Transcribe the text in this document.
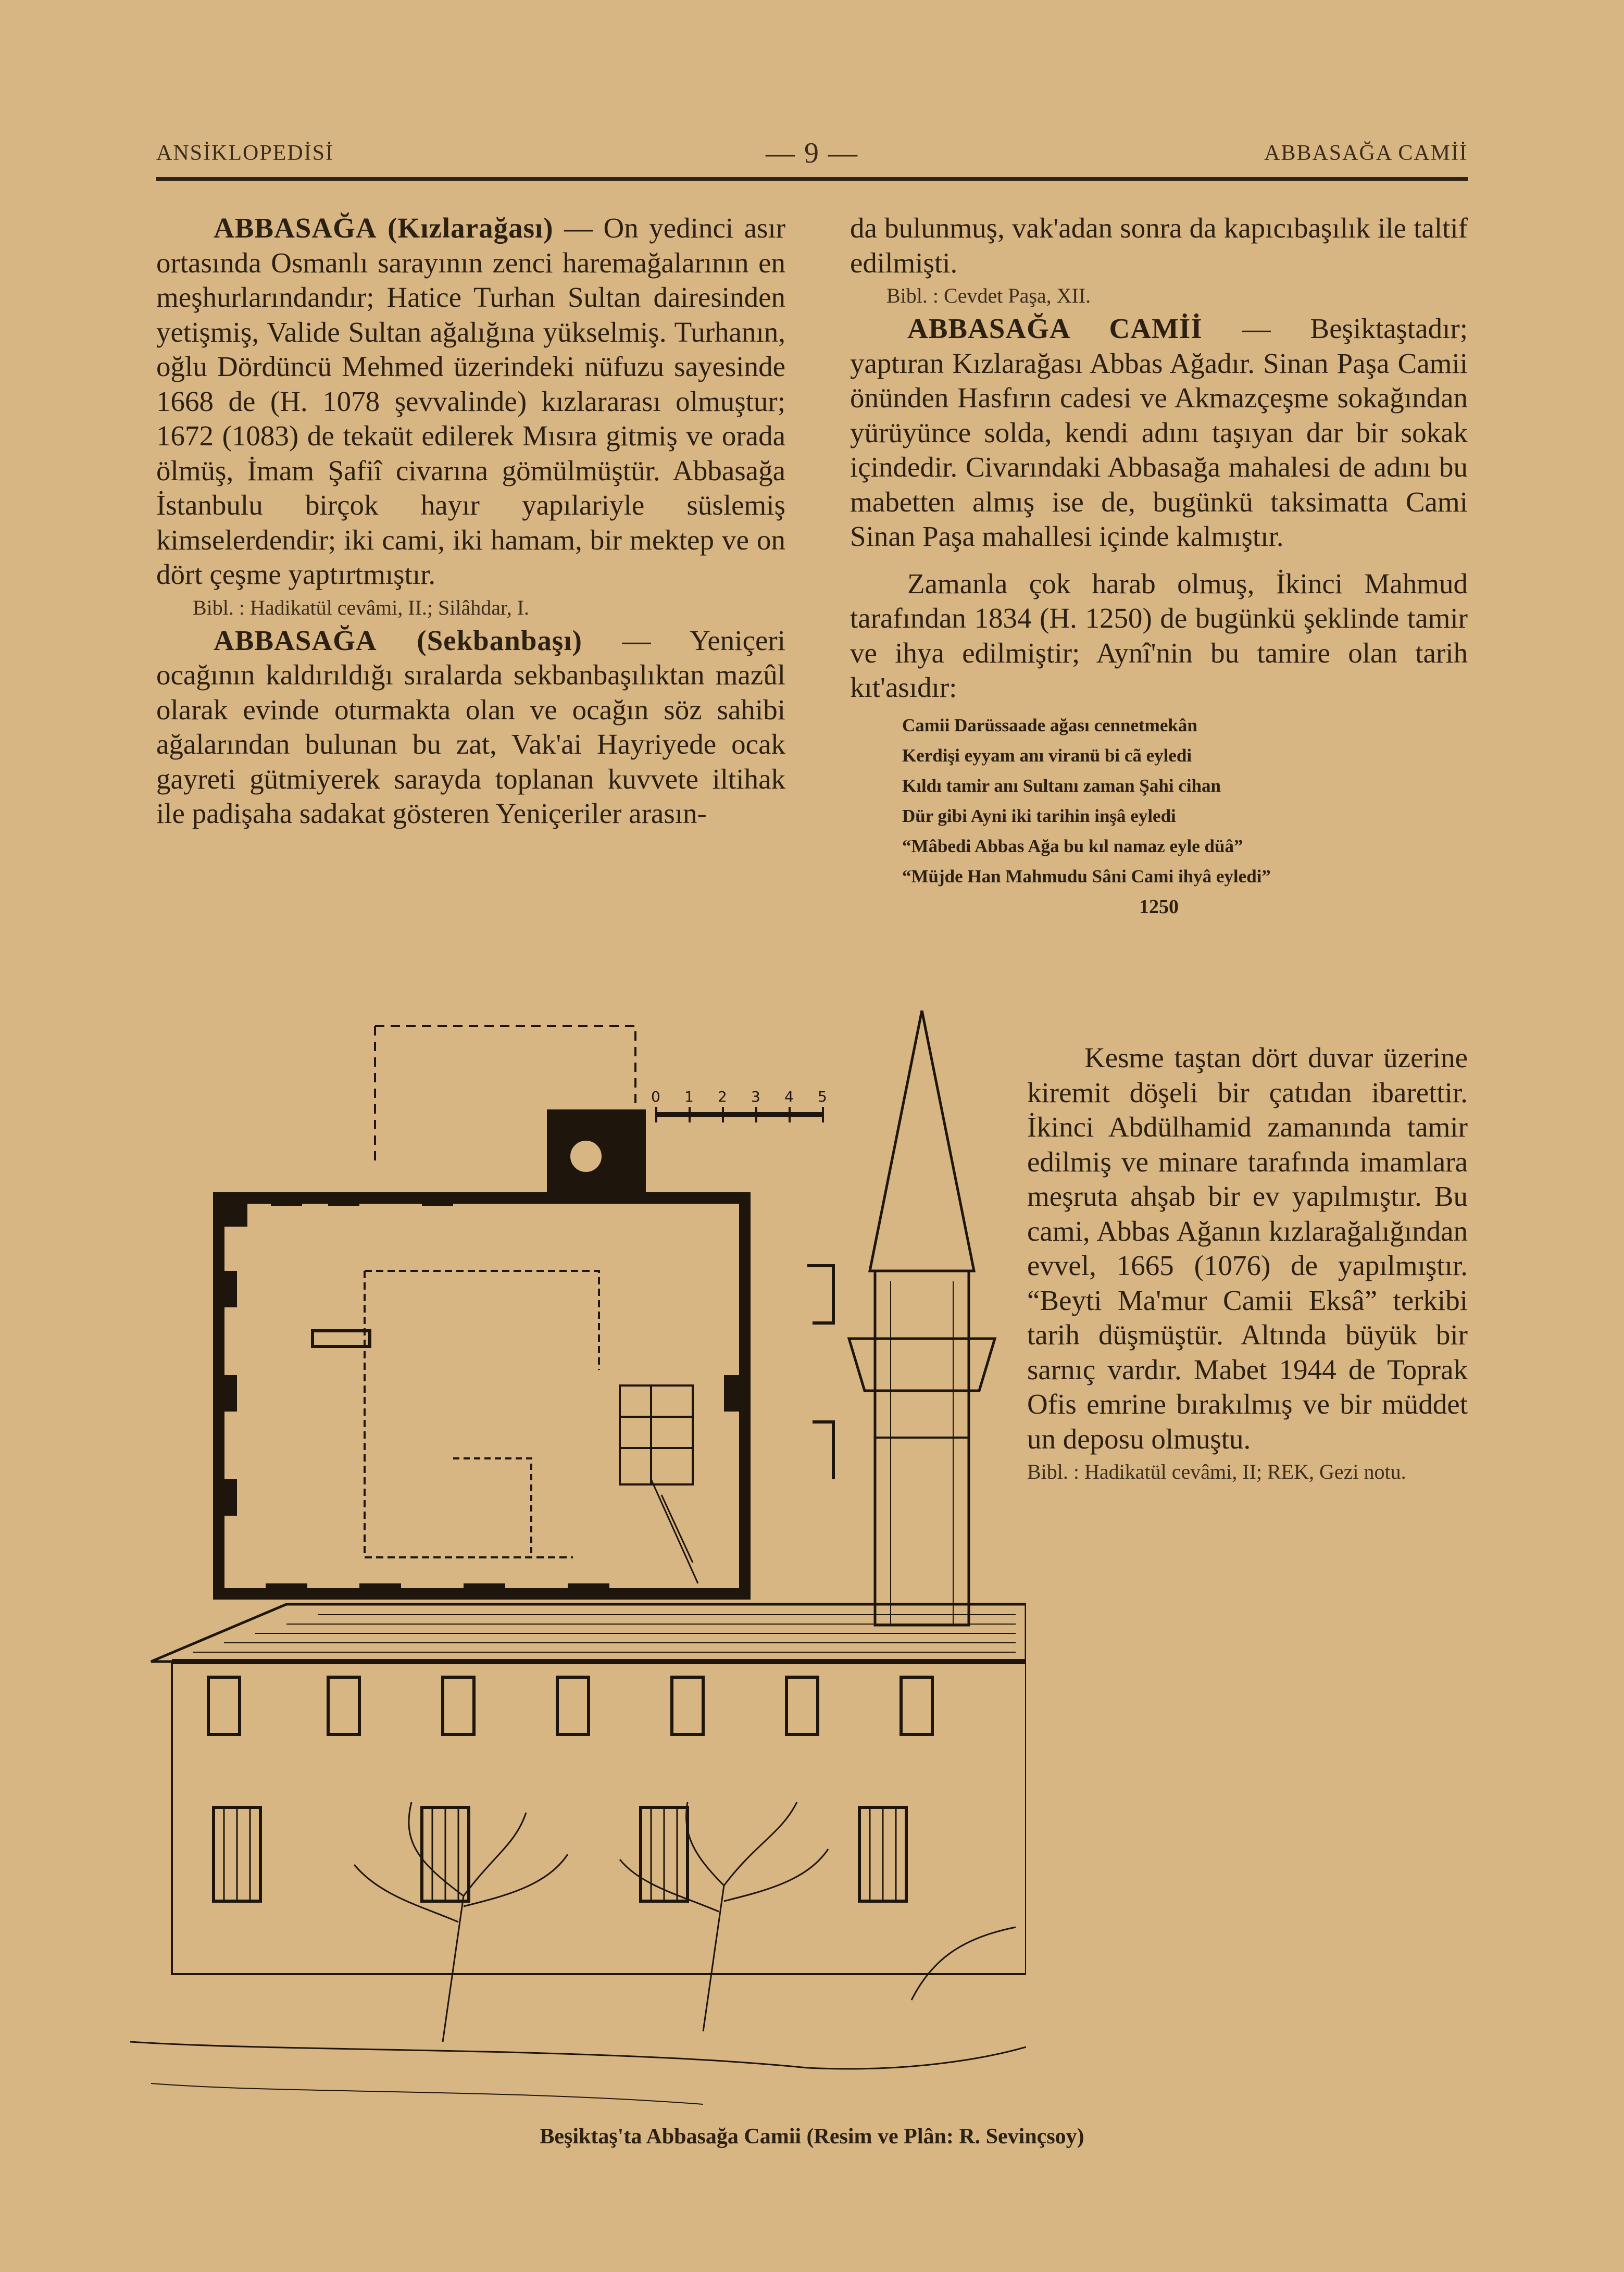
ANSİKLOPEDİSİ	— 9 —	ABBASAĞA CAMİİ

ABBASAĞA (Kızlarağası) — On yedinci asır ortasında Osmanlı sarayının zenci haremağalarının en meşhurlarındandır; Hatice Turhan Sultan dairesinden yetişmiş, Valide Sultan ağalığına yükselmiş. Turhanın, oğlu Dördüncü Mehmed üzerindeki nüfuzu sayesinde 1668 de (H. 1078 şevvalinde) kızlararası olmuştur; 1672 (1083) de tekaüt edilerek Mısıra gitmiş ve orada ölmüş, İmam Şafiî civarına gömülmüştür. Abbasağa İstanbulu birçok hayır yapılariyle süslemiş kimselerdendir; iki cami, iki hamam, bir mektep ve on dört çeşme yaptırtmıştır.

Bibl. : Hadikatül cevâmi, II.; Silâhdar, I.

ABBASAĞA (Sekbanbaşı) — Yeniçeri ocağının kaldırıldığı sıralarda sekbanbaşılıktan mazûl olarak evinde oturmakta olan ve ocağın söz sahibi ağalarından bulunan bu zat, Vak'ai Hayriyede ocak gayreti gütmiyerek sarayda toplanan kuvvete iltihak ile padişaha sadakat gösteren Yeniçeriler arasın-

da bulunmuş, vak'adan sonra da kapıcıbaşılık ile taltif edilmişti.

Bibl. : Cevdet Paşa, XII.

ABBASAĞA CAMİİ — Beşiktaştadır; yaptıran Kızlarağası Abbas Ağadır. Sinan Paşa Camii önünden Hasfırın cadesi ve Akmazçeşme sokağından yürüyünce solda, kendi adını taşıyan dar bir sokak içindedir. Civarındaki Abbasağa mahalesi de adını bu mabetten almış ise de, bugünkü taksimatta Cami Sinan Paşa mahallesi içinde kalmıştır.

Zamanla çok harab olmuş, İkinci Mahmud tarafından 1834 (H. 1250) de bugünkü şeklinde tamir ve ihya edilmiştir; Aynî'nin bu tamire olan tarih kıt'asıdır:

Camii Darüssaade ağası cennetmekân
Kerdişi eyyam anı viranü bi cã eyledi
Kıldı tamir anı Sultanı zaman Şahi cihan
Dür gibi Ayni iki tarihin inşâ eyledi
“Mâbedi Abbas Ağa bu kıl namaz eyle düâ”
“Müjde Han Mahmudu Sâni Cami ihyâ eyledi”
1250

Kesme taştan dört duvar üzerine kiremit döşeli bir çatıdan ibarettir. İkinci Abdülhamid zamanında tamir edilmiş ve minare tarafında imamlara meşruta ahşab bir ev yapılmıştır. Bu cami, Abbas Ağanın kızlarağalığından evvel, 1665 (1076) de yapılmıştır. “Beyti Ma'mur Camii Eksâ” terkibi tarih düşmüştür. Altında büyük bir sarnıç vardır. Mabet 1944 de Toprak Ofis emrine bırakılmış ve bir müddet un deposu olmuştu.

Bibl. : Hadikatül cevâmi, II; REK, Gezi notu.

0 1 2 3 4 5
Beşiktaş'ta Abbasağa Camii (Resim ve Plân: R. Sevinçsoy)
